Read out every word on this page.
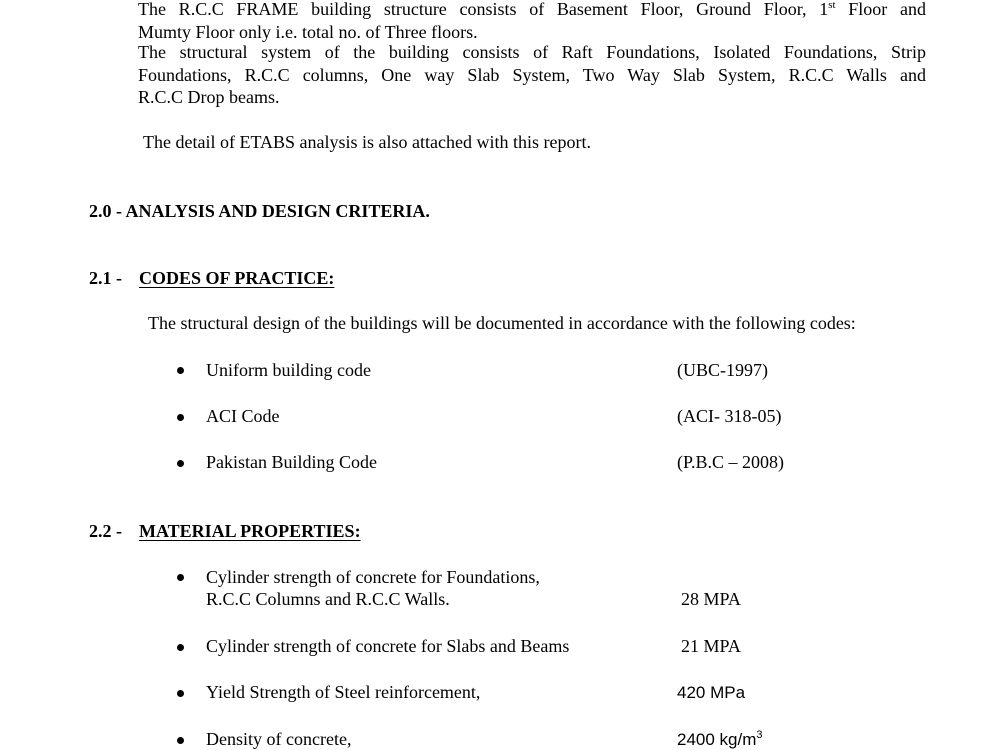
The R.C.C FRAME building structure consists of Basement Floor, Ground Floor, 1st Floor and
Mumty Floor only i.e. total no. of Three floors.
The structural system of the building consists of Raft Foundations, Isolated Foundations, Strip
Foundations, R.C.C columns, One way Slab System, Two Way Slab System, R.C.C Walls and
R.C.C Drop beams.
The detail of ETABS analysis is also attached with this report.
2.0 - ANALYSIS AND DESIGN CRITERIA.
2.1 - CODES OF PRACTICE:
The structural design of the buildings will be documented in accordance with the following codes:
Uniform building code	(UBC-1997)
ACI Code	(ACI- 318-05)
Pakistan Building Code	(P.B.C – 2008)
2.2 - MATERIAL PROPERTIES:
Cylinder strength of concrete for Foundations,
R.C.C Columns and R.C.C Walls.	28 MPA
Cylinder strength of concrete for Slabs and Beams	21 MPA
Yield Strength of Steel reinforcement,	420 MPa
Density of concrete,	2400 $kg/m^3$
